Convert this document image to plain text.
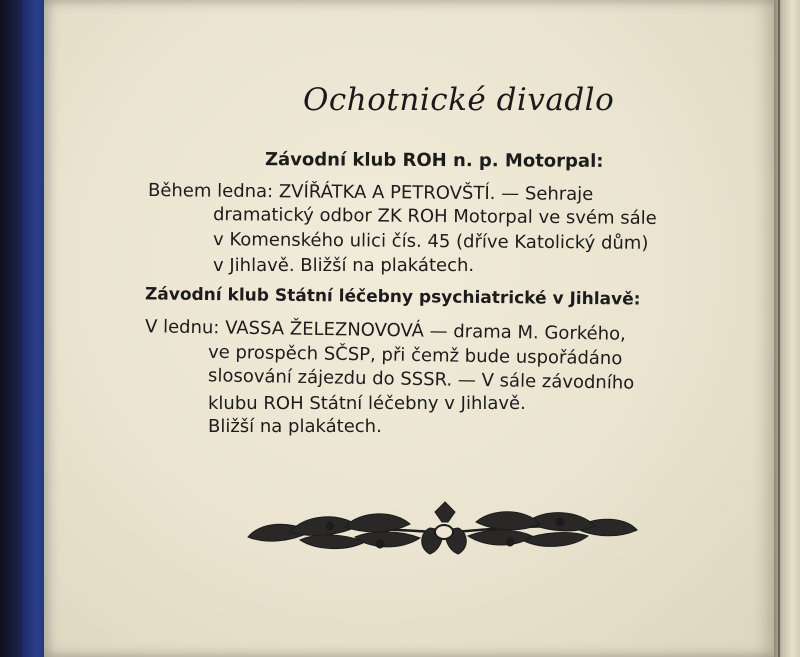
Ochotnické divadlo
Závodní klub ROH n. p. Motorpal:
Během ledna: ZVÍŘÁTKA A PETROVŠTÍ. — Sehraje
dramatický odbor ZK ROH Motorpal ve svém sále
v Komenského ulici čís. 45 (dříve Katolický dům)
v Jihlavě. Bližší na plakátech.
Závodní klub Státní léčebny psychiatrické v Jihlavě:
V lednu: VASSA ŽELEZNOVOVÁ — drama M. Gorkého,
ve prospěch SČSP, při čemž bude uspořádáno
slosování zájezdu do SSSR. — V sále závodního
klubu ROH Státní léčebny v Jihlavě.
Bližší na plakátech.
